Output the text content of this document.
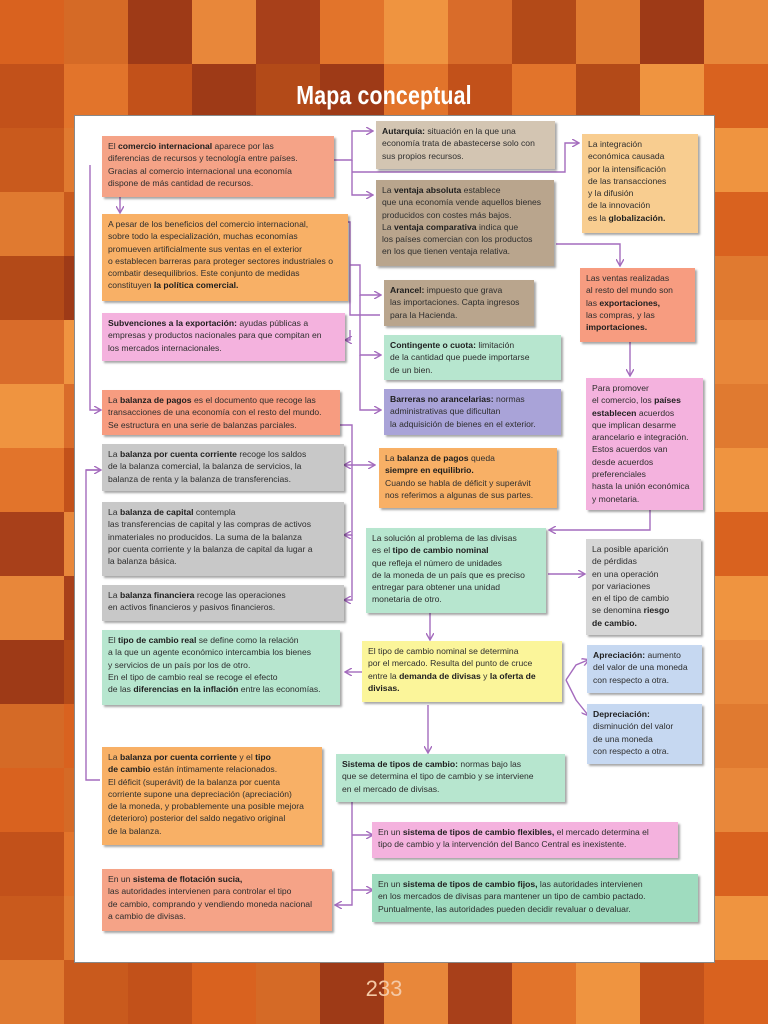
Mapa conceptual
El comercio internacional aparece por las
diferencias de recursos y tecnología entre países.
Gracias al comercio internacional una economía
dispone de más cantidad de recursos.
A pesar de los beneficios del comercio internacional,
sobre todo la especialización, muchas economías
promueven artificialmente sus ventas en el exterior
o establecen barreras para proteger sectores industriales o
combatir desequilibrios. Este conjunto de medidas
constituyen la política comercial.
Subvenciones a la exportación: ayudas públicas a
empresas y productos nacionales para que compitan en
los mercados internacionales.
La balanza de pagos es el documento que recoge las
transacciones de una economía con el resto del mundo.
Se estructura en una serie de balanzas parciales.
La balanza por cuenta corriente recoge los saldos
de la balanza comercial, la balanza de servicios, la
balanza de renta y la balanza de transferencias.
La balanza de capital contempla
las transferencias de capital y las compras de activos
inmateriales no producidos. La suma de la balanza
por cuenta corriente y la balanza de capital da lugar a
la balanza básica.
La balanza financiera recoge las operaciones
en activos financieros y pasivos financieros.
El tipo de cambio real se define como la relación
a la que un agente económico intercambia los bienes
y servicios de un país por los de otro.
En el tipo de cambio real se recoge el efecto
de las diferencias en la inflación entre las economías.
La balanza por cuenta corriente y el tipo
de cambio están íntimamente relacionados.
El déficit (superávit) de la balanza por cuenta
corriente supone una depreciación (apreciación)
de la moneda, y probablemente una posible mejora
(deterioro) posterior del saldo negativo original
de la balanza.
En un sistema de flotación sucia,
las autoridades intervienen para controlar el tipo
de cambio, comprando y vendiendo moneda nacional
a cambio de divisas.
Autarquía: situación en la que una
economía trata de abastecerse solo con
sus propios recursos.
La ventaja absoluta establece
que una economía vende aquellos bienes
producidos con costes más bajos.
La ventaja comparativa indica que
los países comercian con los productos
en los que tienen ventaja relativa.
La integración
económica causada
por la intensificación
de las transacciones
y la difusión
de la innovación
es la globalización.
Arancel: impuesto que grava
las importaciones. Capta ingresos
para la Hacienda.
Contingente o cuota: limitación
de la cantidad que puede importarse
de un bien.
Barreras no arancelarias: normas
administrativas que dificultan
la adquisición de bienes en el exterior.
Las ventas realizadas
al resto del mundo son
las exportaciones,
las compras, y las
importaciones.
Para promover
el comercio, los países
establecen acuerdos
que implican desarme
arancelario e integración.
Estos acuerdos van
desde acuerdos
preferenciales
hasta la unión económica
y monetaria.
La balanza de pagos queda
siempre en equilibrio.
Cuando se habla de déficit y superávit
nos referimos a algunas de sus partes.
La solución al problema de las divisas
es el tipo de cambio nominal
que refleja el número de unidades
de la moneda de un país que es preciso
entregar para obtener una unidad
monetaria de otro.
La posible aparición
de pérdidas
en una operación
por variaciones
en el tipo de cambio
se denomina riesgo
de cambio.
El tipo de cambio nominal se determina
por el mercado. Resulta del punto de cruce
entre la demanda de divisas y la oferta de
divisas.
Apreciación: aumento
del valor de una moneda
con respecto a otra.
Depreciación:
disminución del valor
de una moneda
con respecto a otra.
Sistema de tipos de cambio: normas bajo las
que se determina el tipo de cambio y se interviene
en el mercado de divisas.
En un sistema de tipos de cambio flexibles, el mercado determina el
tipo de cambio y la intervención del Banco Central es inexistente.
En un sistema de tipos de cambio fijos, las autoridades intervienen
en los mercados de divisas para mantener un tipo de cambio pactado.
Puntualmente, las autoridades pueden decidir revaluar o devaluar.
233
